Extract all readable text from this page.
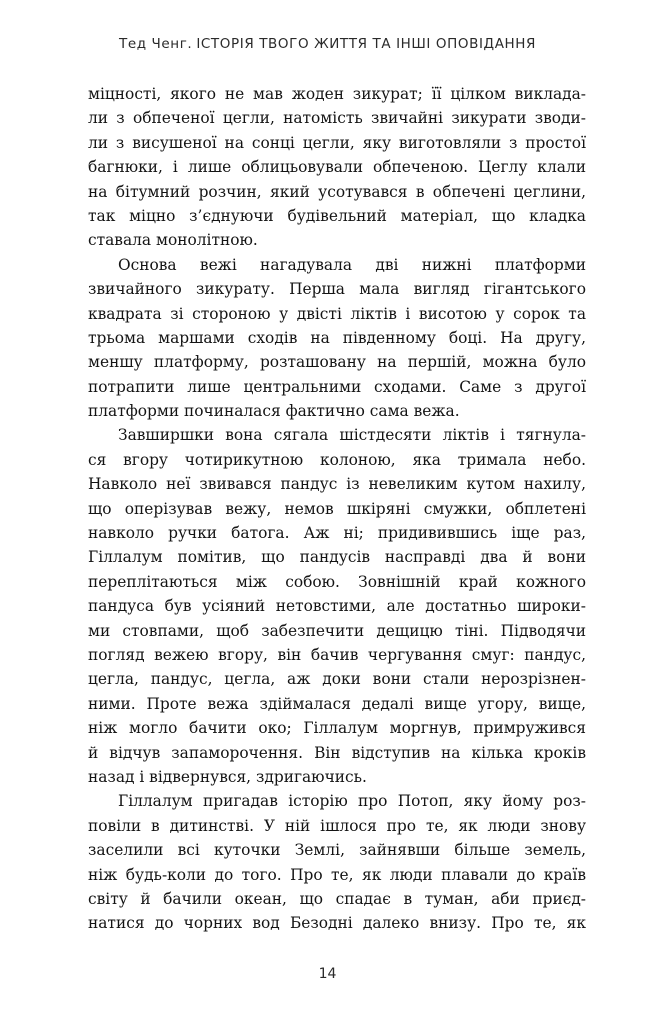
Тед Ченг. ІСТОРІЯ ТВОГО ЖИТТЯ ТА ІНШІ ОПОВІДАННЯ
міцності, якого не мав жоден зикурат; її цілком виклада-
ли з обпеченої цегли, натомість звичайні зикурати зводи-
ли з висушеної на сонці цегли, яку виготовляли з простої
багнюки, і лише облицьовували обпеченою. Цеглу клали
на бітумний розчин, який усотувався в обпечені цеглини,
так міцно з’єднуючи будівельний матеріал, що кладка
ставала монолітною.
Основа вежі нагадувала дві нижні платформи
звичайного зикурату. Перша мала вигляд гігантського
квадрата зі стороною у двісті ліктів і висотою у сорок та
трьома маршами сходів на південному боці. На другу,
меншу платформу, розташовану на першій, можна було
потрапити лише центральними сходами. Саме з другої
платформи починалася фактично сама вежа.
Завширшки вона сягала шістдесяти ліктів і тягнула-
ся вгору чотирикутною колоною, яка тримала небо.
Навколо неї звивався пандус із невеликим кутом нахилу,
що оперізував вежу, немов шкіряні смужки, обплетені
навколо ручки батога. Аж ні; придивившись іще раз,
Гіллалум помітив, що пандусів насправді два й вони
переплітаються між собою. Зовнішній край кожного
пандуса був усіяний нетовстими, але достатньо широки-
ми стовпами, щоб забезпечити дещицю тіні. Підводячи
погляд вежею вгору, він бачив чергування смуг: пандус,
цегла, пандус, цегла, аж доки вони стали нерозрізнен-
ними. Проте вежа здіймалася дедалі вище угору, вище,
ніж могло бачити око; Гіллалум моргнув, примружився
й відчув запаморочення. Він відступив на кілька кроків
назад і відвернувся, здригаючись.
Гіллалум пригадав історію про Потоп, яку йому роз-
повіли в дитинстві. У ній ішлося про те, як люди знову
заселили всі куточки Землі, зайнявши більше земель,
ніж будь-коли до того. Про те, як люди плавали до країв
світу й бачили океан, що спадає в туман, аби приєд-
натися до чорних вод Безодні далеко внизу. Про те, як
14
